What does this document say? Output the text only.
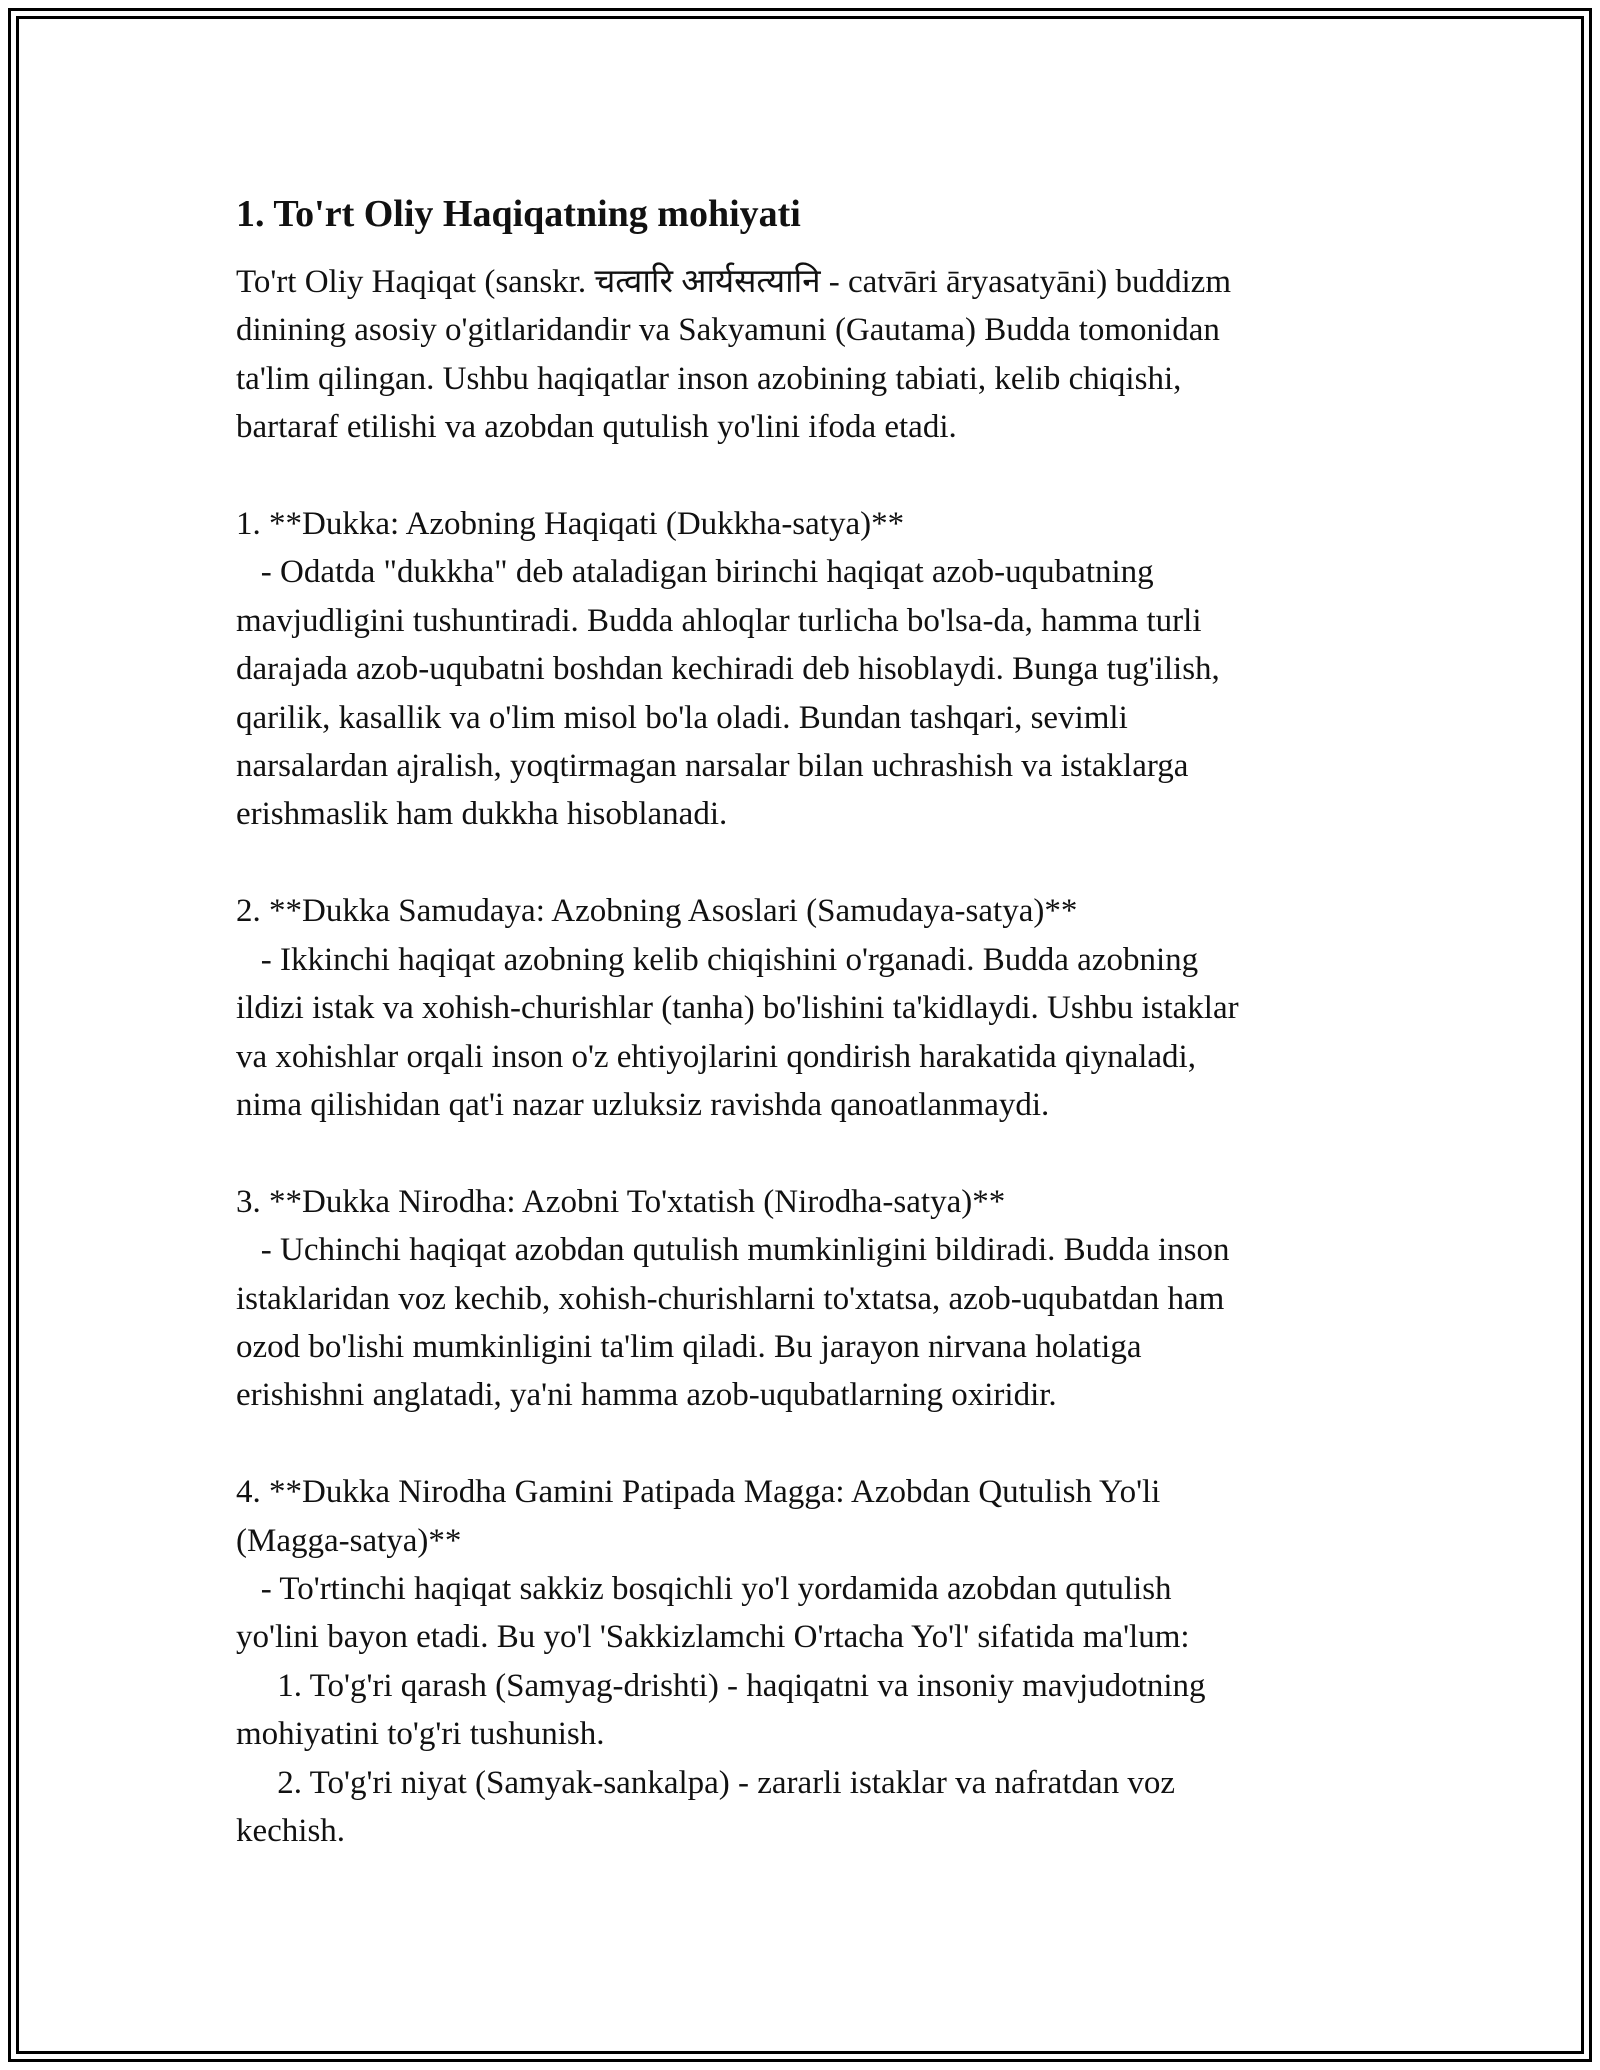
1. To'rt Oliy Haqiqatning mohiyati

To'rt Oliy Haqiqat (sanskr. चत्वारि आर्यसत्यानि - catvāri āryasatyāni) buddizm
dinining asosiy o'gitlaridandir va Sakyamuni (Gautama) Budda tomonidan
ta'lim qilingan. Ushbu haqiqatlar inson azobining tabiati, kelib chiqishi,
bartaraf etilishi va azobdan qutulish yo'lini ifoda etadi.

1. **Dukka: Azobning Haqiqati (Dukkha-satya)**
- Odatda "dukkha" deb ataladigan birinchi haqiqat azob-uqubatning
mavjudligini tushuntiradi. Budda ahloqlar turlicha bo'lsa-da, hamma turli
darajada azob-uqubatni boshdan kechiradi deb hisoblaydi. Bunga tug'ilish,
qarilik, kasallik va o'lim misol bo'la oladi. Bundan tashqari, sevimli
narsalardan ajralish, yoqtirmagan narsalar bilan uchrashish va istaklarga
erishmaslik ham dukkha hisoblanadi.

2. **Dukka Samudaya: Azobning Asoslari (Samudaya-satya)**
- Ikkinchi haqiqat azobning kelib chiqishini o'rganadi. Budda azobning
ildizi istak va xohish-churishlar (tanha) bo'lishini ta'kidlaydi. Ushbu istaklar
va xohishlar orqali inson o'z ehtiyojlarini qondirish harakatida qiynaladi,
nima qilishidan qat'i nazar uzluksiz ravishda qanoatlanmaydi.

3. **Dukka Nirodha: Azobni To'xtatish (Nirodha-satya)**
- Uchinchi haqiqat azobdan qutulish mumkinligini bildiradi. Budda inson
istaklaridan voz kechib, xohish-churishlarni to'xtatsa, azob-uqubatdan ham
ozod bo'lishi mumkinligini ta'lim qiladi. Bu jarayon nirvana holatiga
erishishni anglatadi, ya'ni hamma azob-uqubatlarning oxiridir.

4. **Dukka Nirodha Gamini Patipada Magga: Azobdan Qutulish Yo'li
(Magga-satya)**
- To'rtinchi haqiqat sakkiz bosqichli yo'l yordamida azobdan qutulish
yo'lini bayon etadi. Bu yo'l 'Sakkizlamchi O'rtacha Yo'l' sifatida ma'lum:
1. To'g'ri qarash (Samyag-drishti) - haqiqatni va insoniy mavjudotning
mohiyatini to'g'ri tushunish.
2. To'g'ri niyat (Samyak-sankalpa) - zararli istaklar va nafratdan voz
kechish.
